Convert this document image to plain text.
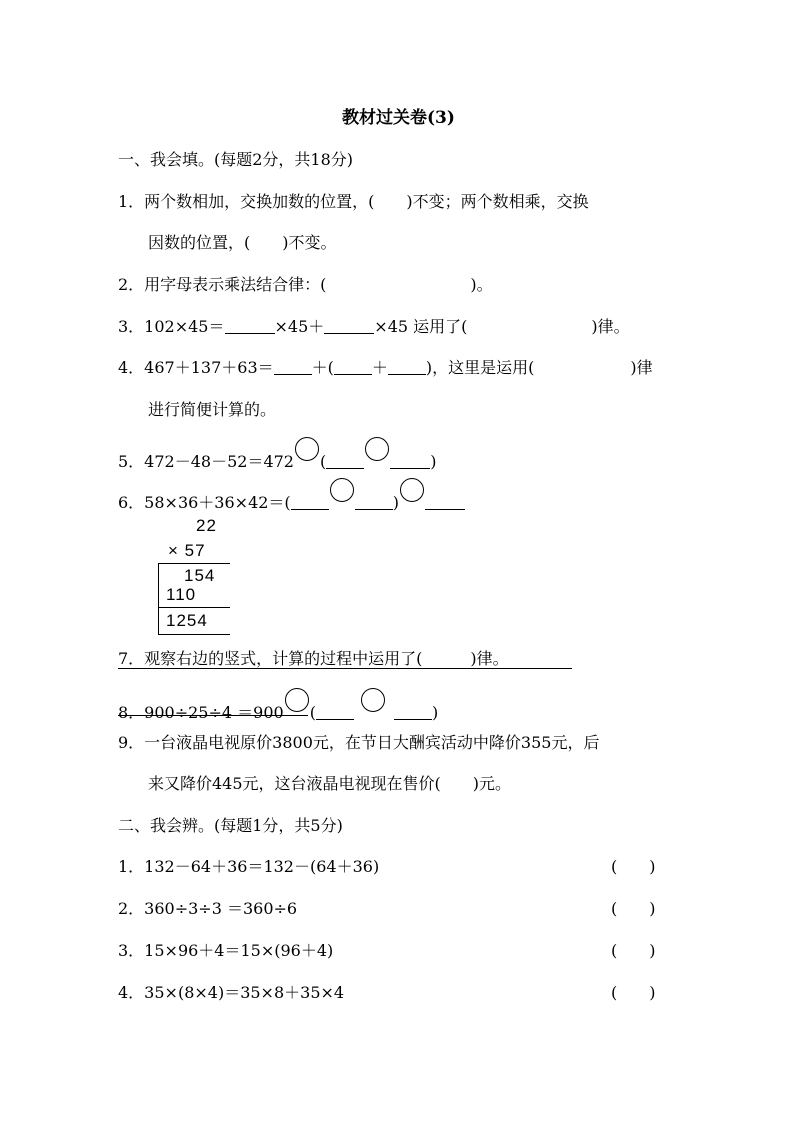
教材过关卷(3)
一、我会填。(每题2分，共18分)
1．两个数相加，交换加数的位置，(　　)不变；两个数相乘，交换
因数的位置，(　　)不变。
2．用字母表示乘法结合律：(　　　　　　　　　)。
3．102×45＝	×45＋	×45 运用了(	)律。
4．467＋137＋63＝ ＋( ＋ )，这里是运用(	)律
进行简便计算的。
5．472－48－52＝472 (	)
6．58×36＋36×42＝(	)
22
× 57
154
110
1254
7．观察右边的竖式，计算的过程中运用了(　　　)律。
8．900÷25÷4 ＝900 (	)
9．一台液晶电视原价3800元，在节日大酬宾活动中降价355元，后
来又降价445元，这台液晶电视现在售价(　　)元。
二、我会辨。(每题1分，共5分)
1．132－64＋36＝132－(64＋36)	(　　)
2．360÷3÷3 ＝360÷6	(　　)
3．15×96＋4＝15×(96＋4)	(　　)
4．35×(8×4)＝35×8＋35×4	(　　)
